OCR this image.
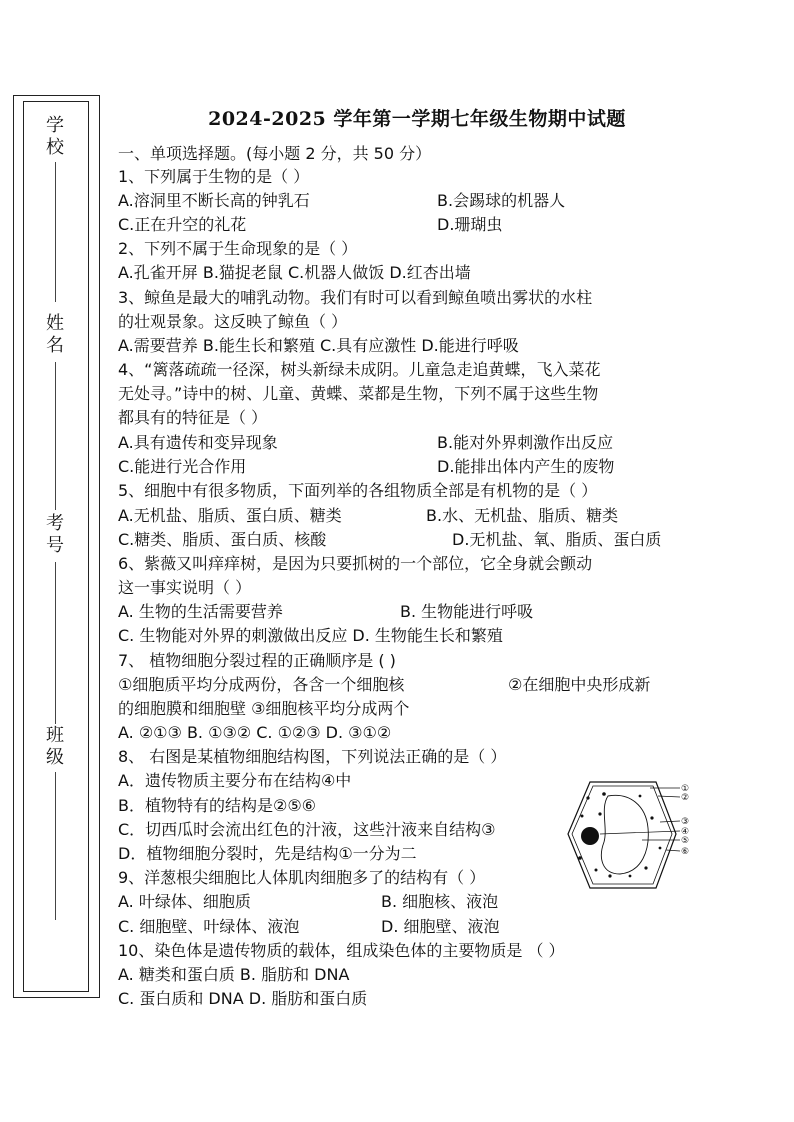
学校
姓名
考号
班级
2024-2025 学年第一学期七年级生物期中试题
一、单项选择题。(每小题 2 分，共 50 分）
1、下列属于生物的是（ ）
A.溶洞里不断长高的钟乳石	B.会踢球的机器人
C.正在升空的礼花	D.珊瑚虫
2、下列不属于生命现象的是（ ）
A.孔雀开屏 B.猫捉老鼠 C.机器人做饭 D.红杏出墙
3、鲸鱼是最大的哺乳动物。我们有时可以看到鲸鱼喷出雾状的水柱
的壮观景象。这反映了鲸鱼（ ）
A.需要营养 B.能生长和繁殖 C.具有应激性 D.能进行呼吸
4、“篱落疏疏一径深，树头新绿未成阴。儿童急走追黄蝶，飞入菜花
无处寻。”诗中的树、儿童、黄蝶、菜都是生物，下列不属于这些生物
都具有的特征是（ ）
A.具有遗传和变异现象	B.能对外界刺激作出反应
C.能进行光合作用	D.能排出体内产生的废物
5、细胞中有很多物质，下面列举的各组物质全部是有机物的是（ ）
A.无机盐、脂质、蛋白质、糖类	B.水、无机盐、脂质、糖类
C.糖类、脂质、蛋白质、核酸	D.无机盐、氧、脂质、蛋白质
6、紫薇又叫痒痒树，是因为只要抓树的一个部位，它全身就会颤动
这一事实说明（ ）
A. 生物的生活需要营养	B. 生物能进行呼吸
C. 生物能对外界的刺激做出反应 D. 生物能生长和繁殖
7、 植物细胞分裂过程的正确顺序是 ( )
①细胞质平均分成两份，各含一个细胞核	②在细胞中央形成新
的细胞膜和细胞壁 ③细胞核平均分成两个
A. ②①③ B. ①③② C. ①②③ D. ③①②
8、 右图是某植物细胞结构图，下列说法正确的是（ ）
A．遗传物质主要分布在结构④中
B．植物特有的结构是②⑤⑥
C．切西瓜时会流出红色的汁液，这些汁液来自结构③
D．植物细胞分裂时，先是结构①一分为二
①
②
③
④
⑤
⑥
9、洋葱根尖细胞比人体肌肉细胞多了的结构有（ ）
A. 叶绿体、细胞质	B. 细胞核、液泡
C. 细胞壁、叶绿体、液泡	D. 细胞壁、液泡
10、染色体是遗传物质的载体，组成染色体的主要物质是 （ ）
A. 糖类和蛋白质 B. 脂肪和 DNA
C. 蛋白质和 DNA D. 脂肪和蛋白质
